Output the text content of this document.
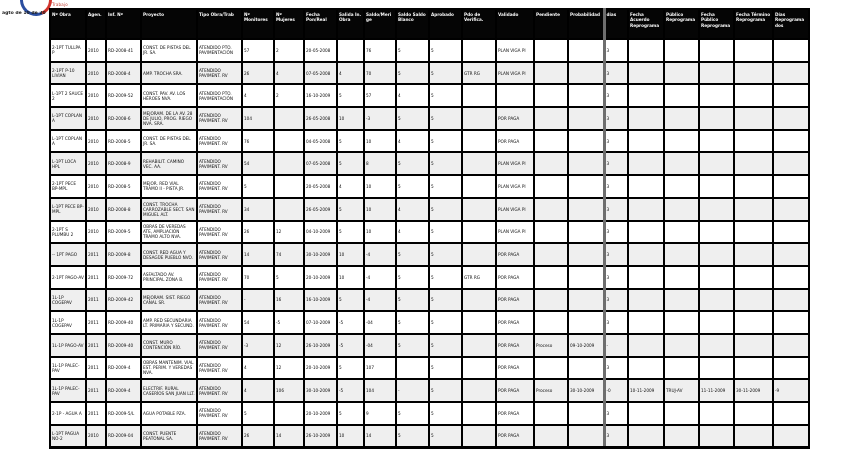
Trabajo
agto de 10 de 20	Nº Obra	Agen.	Inf. Nº	Proyecto	Tipo Obra/Trab	Nº Monitores	Nº Mujeres	Fecha Pon/Real	Salida In. Obra	Saldo/Merige	Saldo Saldo Blanco	Aprobado	Pdo de Verifica.	Validado	Pendiente	Probabilidad	días	Fecha Acuerdo Reprograma	Público Reprograma	Fecha Público Reprograma	Fecha Término Reprograma	Días Reprogramados
2-1PT TULLPA P	2010	RD-2008-41	CONST. DE PISTAS DEL JR. SA.	ATENDIDO PTO. PAVIMENTACIÓN	57	2	20-05-2008		76	5	5		PLAN VIGA PI			3					
2-1PT P-10 LIVIAN	2010	RD-2008-4	AMP. TROCHA SRA.	ATENDIDO PAVIMENT. RV	26	4	07-05-2008	4	70	5	5	GTR RG	PLAN VIGA PI			3					
L-1PT 2 SAUCE 2	2010	RD-2009-52	CONST. PAV. AV. LOS HÉROES NVA.	ATENDIDO PTO. PAVIMENTACIÓN	4	2	16-10-2009	5	57	4	5					3					
L-1PT COPLAN A	2010	RD-2008-6	MEJORAM. DE LA AV. 28 DE JULIO, PROG. RIEGO NVA. SRA.	ATENDIDO PAVIMENT. RV	104		26-05-2008	10	-3	5	5		POR PAGA			3					
L-1PT COPLAN A	2010	RD-2008-5	CONST. DE PISTAS DEL JR. SA.	ATENDIDO PAVIMENT. RV	76		04-05-2008	5	10	4	5		POR PAGA			3					
L-1PT LOCA HPL	2010	RD-2008-9	REHABILIT. CAMINO VEC. AA.	ATENDIDO PAVIMENT. RV	54		07-05-2008	5	8	5	5		PLAN VIGA PI			3					
2-1PT PECE BP-MPL	2010	RD-2008-5	MEJOR. RED VIAL TRAMO II - PISTA JR.	ATENDIDO PAVIMENT. RV	5		20-05-2008	4	10	5	5		PLAN VIGA PI			3					
L-1PT PECE BP-MPL	2010	RD-2008-8	CONST. TROCHA CARROZABLE SECT. SAN MIGUEL ALT.	ATENDIDO PAVIMENT. RV	34		26-05-2009	5	10	4	5		PLAN VIGA PI			3					
2-1PT S PLUMBU 2	2010	RD-2009-5	OBRAS DE VEREDAS ATE, AMPLIACIÓN TRAMO ALTO NVA.	ATENDIDO PAVIMENT. RV	26	12	04-10-2009	5	10	4	5		PLAN VIGA PI			3					
-- 1PT PAGO	2011	RD-2009-8	CONST. RED AGUA Y DESAGÜE PUEBLO NVO.	ATENDIDO PAVIMENT. RV	14	74	30-10-2009	10	-4	5	5		POR PAGA			3					
2-1PT PAGO-AV	2011	RD-2009-72	ASFALTADO AV. PRINCIPAL ZONA B.	ATENDIDO PAVIMENT. RV	70	5	20-10-2009	10	-4	5	5	GTR RG	POR PAGA			3					
1L-1P COGEPAV	2011	RD-2009-42	MEJORAM. SIST. RIEGO CANAL SR.	ATENDIDO PAVIMENT. RV	-	16	16-10-2009	5	-4	5	5		POR PAGA			3					
1L-1P COGEPAV	2011	RD-2009-40	AMP. RED SECUNDARIA LT. PRIMARIA Y SECUND.	ATENDIDO PAVIMENT. RV	54	-5	07-10-2009	-5	-04	5	5		POR PAGA			3					
1L-1P PAGO-AV	2011	RD-2009-40	CONST. MURO CONTENCIÓN RÍO.	ATENDIDO PAVIMENT. RV	-3	12	26-10-2009	-5	-04	5	5		POR PAGA	Proceso	09-10-2009	-					
1L-1P PALEC-PAV	2011	RD-2009-4	OBRAS MANTENIM. VIAL EST. PERIM. Y VEREDAS NVA.	ATENDIDO PAVIMENT. RV	4	12	20-10-2009	5	107		5		POR PAGA			3					
1L-1P PALEC-PAV	2011	RD-2009-4	ELECTRIF. RURAL CASERÍOS SAN JUAN LLT.	ATENDIDO PAVIMENT. RV	4	106	30-10-2009	-5	104	-	5		POR PAGA	Proceso	30-10-2009	-0	10-11-2009	TRUJ-AV	11-11-2009	30-11-2009	-9
2-1P - AGUA A	2011	RD-2009-5/L	AGUA POTABLE PZA.	ATENDIDO PAVIMENT. RV	5		20-10-2009	5	9	5	5		POR PAGA			3					
L-1PT PAGUA NO-2	2010	RD-2009-04	CONST. PUENTE PEATONAL SA.	ATENDIDO PAVIMENT. RV	26	14	26-10-2009	10	14	5	5		POR PAGA			3					
